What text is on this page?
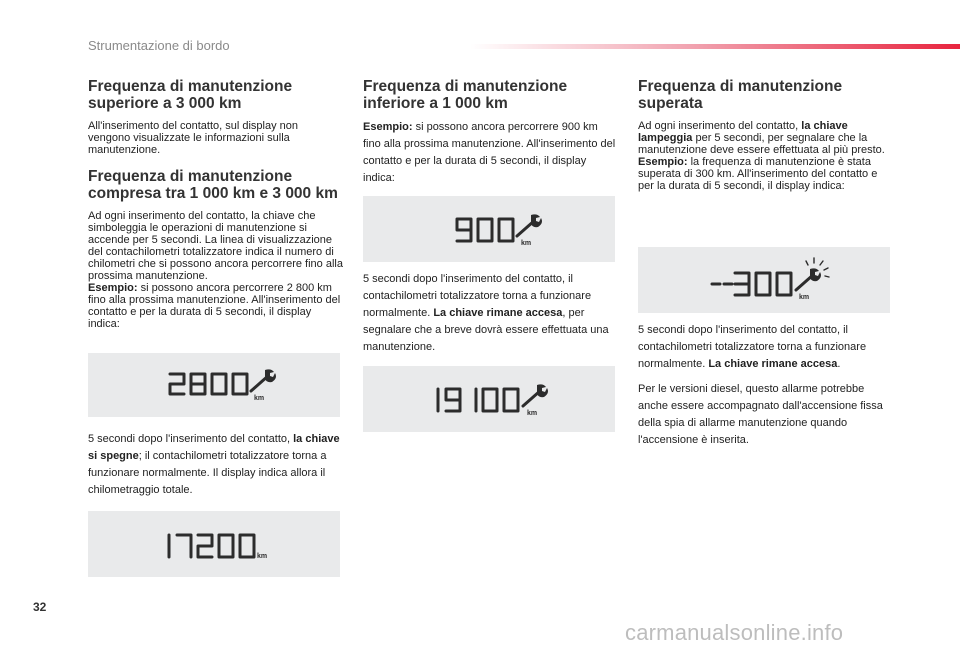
Strumentazione di bordo
Frequenza di manutenzione superiore a 3 000 km

All'inserimento del contatto, sul display non vengono visualizzate le informazioni sulla manutenzione.

Frequenza di manutenzione compresa tra 1 000 km e 3 000 km

Ad ogni inserimento del contatto, la chiave che simboleggia le operazioni di manutenzione si accende per 5 secondi. La linea di visualizzazione del contachilometri totalizzatore indica il numero di chilometri che si possono ancora percorrere fino alla prossima manutenzione.
Esempio: si possono ancora percorrere 2 800 km fino alla prossima manutenzione. All'inserimento del contatto e per la durata di 5 secondi, il display indica:

km

5 secondi dopo l'inserimento del contatto, la chiave si spegne; il contachilometri totalizzatore torna a funzionare normalmente. Il display indica allora il chilometraggio totale.

km
Frequenza di manutenzione inferiore a 1 000 km

Esempio: si possono ancora percorrere 900 km fino alla prossima manutenzione. All'inserimento del contatto e per la durata di 5 secondi, il display indica:

km

5 secondi dopo l'inserimento del contatto, il contachilometri totalizzatore torna a funzionare normalmente. La chiave rimane accesa, per segnalare che a breve dovrà essere effettuata una manutenzione.

km
Frequenza di manutenzione superata

Ad ogni inserimento del contatto, la chiave lampeggia per 5 secondi, per segnalare che la manutenzione deve essere effettuata al più presto.
Esempio: la frequenza di manutenzione è stata superata di 300 km. All'inserimento del contatto e per la durata di 5 secondi, il display indica:

km

5 secondi dopo l'inserimento del contatto, il contachilometri totalizzatore torna a funzionare normalmente. La chiave rimane accesa.

Per le versioni diesel, questo allarme potrebbe anche essere accompagnato dall'accensione fissa della spia di allarme manutenzione quando l'accensione è inserita.

32
carmanualsonline.info
